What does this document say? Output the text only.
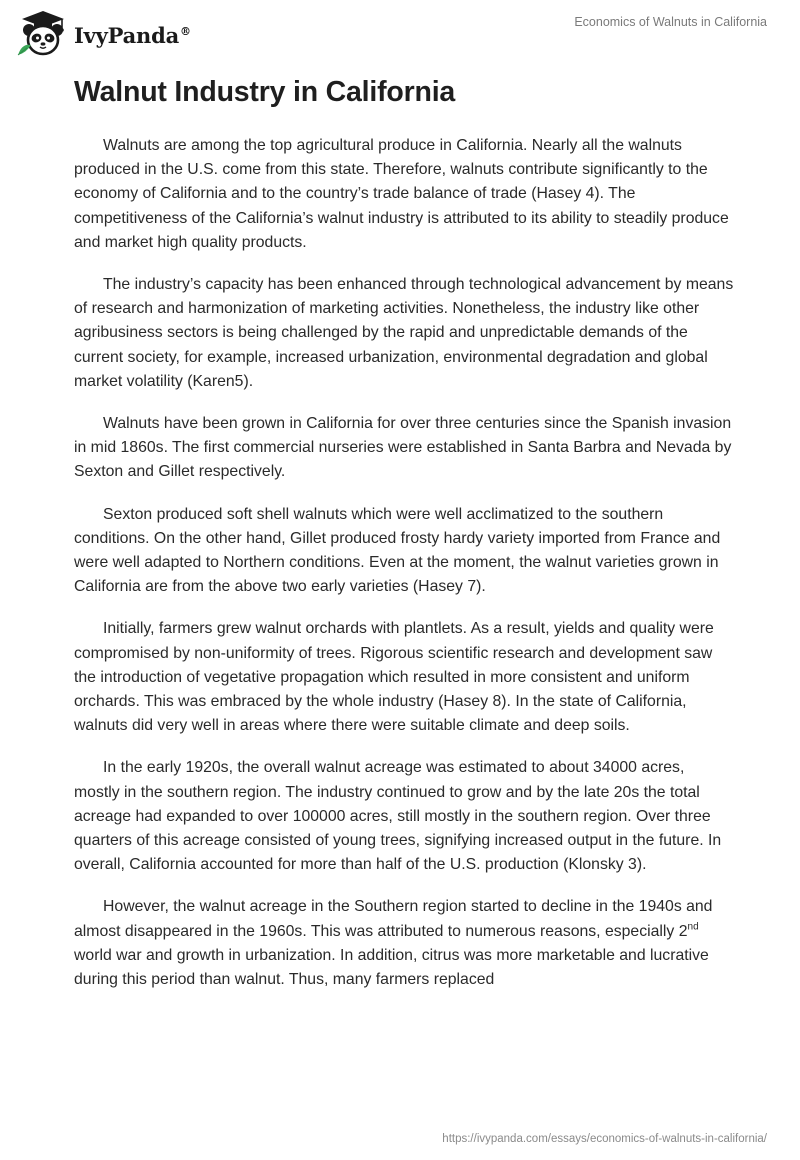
IvyPanda®
Economics of Walnuts in California
Walnut Industry in California

Walnuts are among the top agricultural produce in California. Nearly all the walnuts produced in the U.S. come from this state. Therefore, walnuts contribute significantly to the economy of California and to the country’s trade balance of trade (Hasey 4). The competitiveness of the California’s walnut industry is attributed to its ability to steadily produce and market high quality products.

The industry’s capacity has been enhanced through technological advancement by means of research and harmonization of marketing activities. Nonetheless, the industry like other agribusiness sectors is being challenged by the rapid and unpredictable demands of the current society, for example, increased urbanization, environmental degradation and global market volatility (Karen5).

Walnuts have been grown in California for over three centuries since the Spanish invasion in mid 1860s. The first commercial nurseries were established in Santa Barbra and Nevada by Sexton and Gillet respectively.

Sexton produced soft shell walnuts which were well acclimatized to the southern conditions. On the other hand, Gillet produced frosty hardy variety imported from France and were well adapted to Northern conditions. Even at the moment, the walnut varieties grown in California are from the above two early varieties (Hasey 7).

Initially, farmers grew walnut orchards with plantlets. As a result, yields and quality were compromised by non-uniformity of trees. Rigorous scientific research and development saw the introduction of vegetative propagation which resulted in more consistent and uniform orchards. This was embraced by the whole industry (Hasey 8). In the state of California, walnuts did very well in areas where there were suitable climate and deep soils.

In the early 1920s, the overall walnut acreage was estimated to about 34000 acres, mostly in the southern region. The industry continued to grow and by the late 20s the total acreage had expanded to over 100000 acres, still mostly in the southern region. Over three quarters of this acreage consisted of young trees, signifying increased output in the future. In overall, California accounted for more than half of the U.S. production (Klonsky 3).

However, the walnut acreage in the Southern region started to decline in the 1940s and almost disappeared in the 1960s. This was attributed to numerous reasons, especially 2nd world war and growth in urbanization. In addition, citrus was more marketable and lucrative during this period than walnut. Thus, many farmers replaced

https://ivypanda.com/essays/economics-of-walnuts-in-california/
